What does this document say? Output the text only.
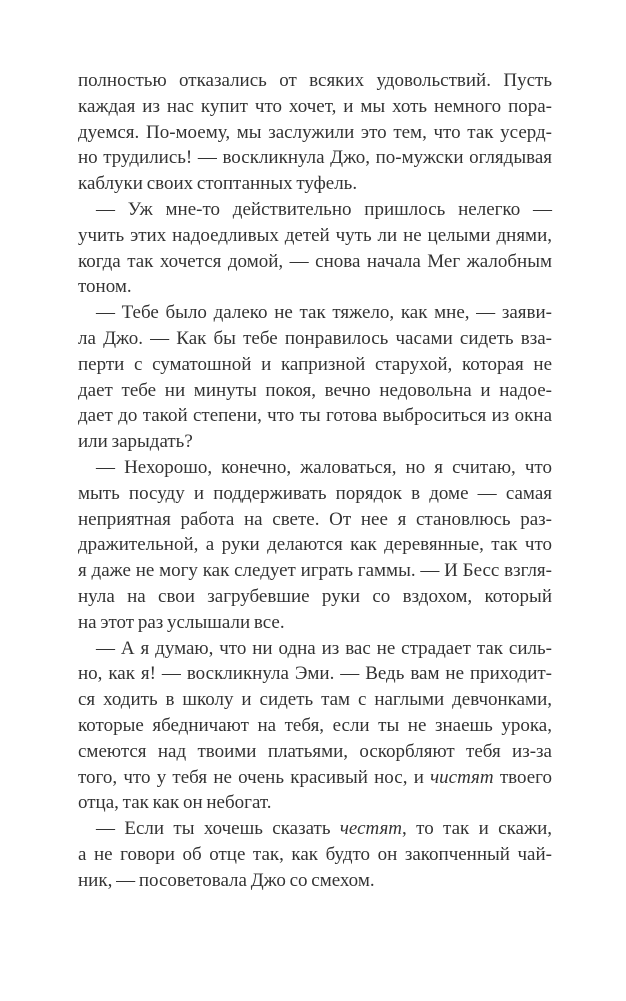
полностью отказались от всяких удовольствий. Пусть
каждая из нас купит что хочет, и мы хоть немного пора-
дуемся. По-моему, мы заслужили это тем, что так усерд-
но трудились! — воскликнула Джо, по-мужски оглядывая
каблуки своих стоптанных туфель.
— Уж мне-то действительно пришлось нелегко —
учить этих надоедливых детей чуть ли не целыми днями,
когда так хочется домой, — снова начала Мег жалобным
тоном.
— Тебе было далеко не так тяжело, как мне, — заяви-
ла Джо. — Как бы тебе понравилось часами сидеть вза-
перти с суматошной и капризной старухой, которая не
дает тебе ни минуты покоя, вечно недовольна и надое-
дает до такой степени, что ты готова выброситься из окна
или зарыдать?
— Нехорошо, конечно, жаловаться, но я считаю, что
мыть посуду и поддерживать порядок в доме — самая
неприятная работа на свете. От нее я становлюсь раз-
дражительной, а руки делаются как деревянные, так что
я даже не могу как следует играть гаммы. — И Бесс взгля-
нула на свои загрубевшие руки со вздохом, который
на этот раз услышали все.
— А я думаю, что ни одна из вас не страдает так силь-
но, как я! — воскликнула Эми. — Ведь вам не приходит-
ся ходить в школу и сидеть там с наглыми девчонками,
которые ябедничают на тебя, если ты не знаешь урока,
смеются над твоими платьями, оскорбляют тебя из-за
того, что у тебя не очень красивый нос, и чистят твоего
отца, так как он небогат.
— Если ты хочешь сказать честят, то так и скажи,
а не говори об отце так, как будто он закопченный чай-
ник, — посоветовала Джо со смехом.
